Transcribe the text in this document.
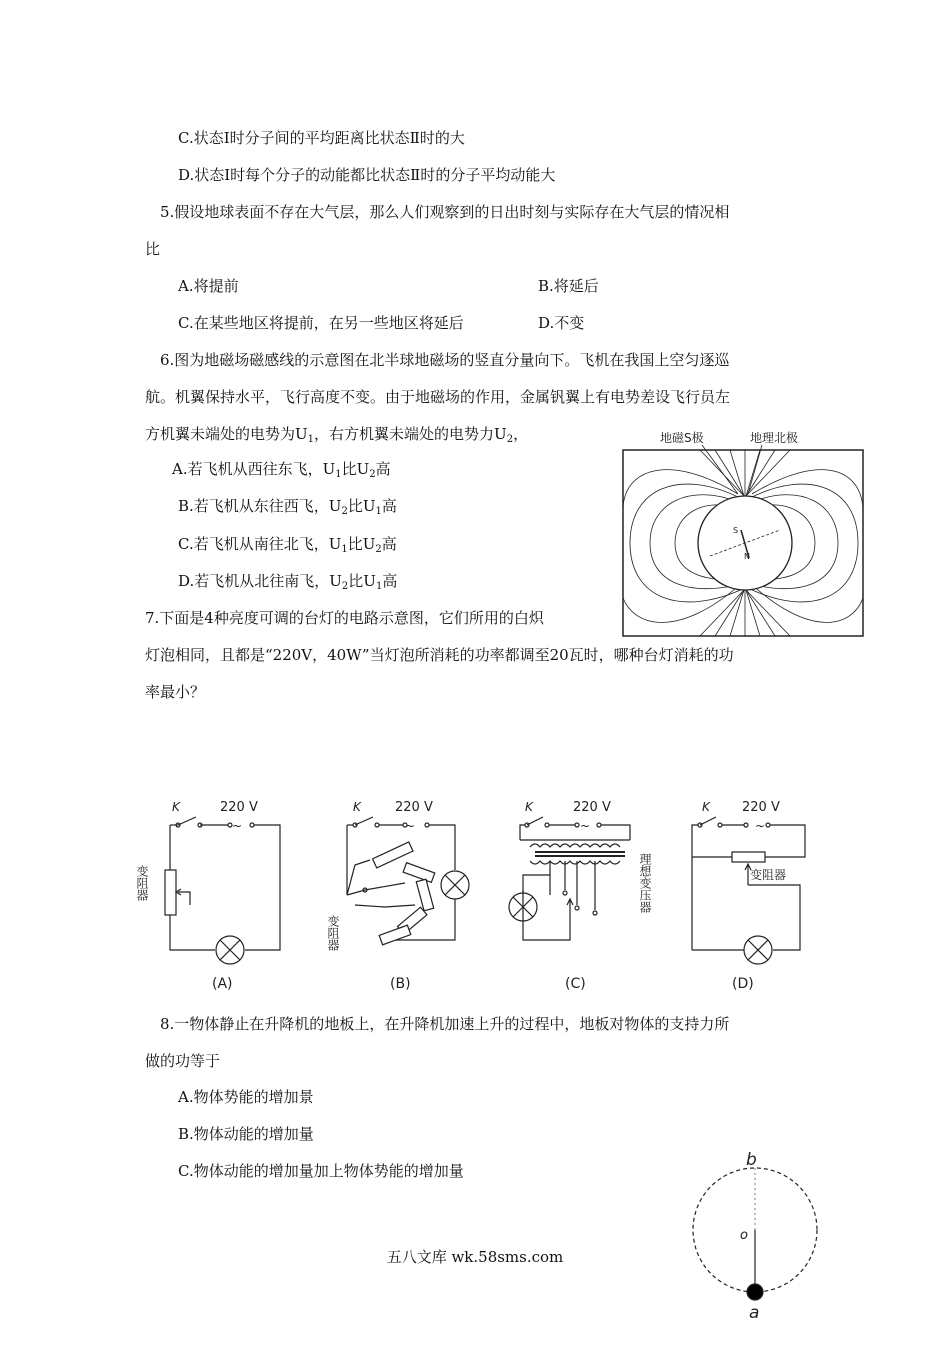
C.状态Ⅰ时分子间的平均距离比状态Ⅱ时的大
D.状态Ⅰ时每个分子的动能都比状态Ⅱ时的分子平均动能大
5.假设地球表面不存在大气层，那么人们观察到的日出时刻与实际存在大气层的情况相
比
A.将提前	B.将延后
C.在某些地区将提前，在另一些地区将延后	D.不变
6.图为地磁场磁感线的示意图在北半球地磁场的竖直分量向下。飞机在我国上空匀逐巡
航。机翼保持水平，飞行高度不变。由于地磁场的作用，金属钒翼上有电势差设飞行员左
方机翼未端处的电势为$U_1$，右方机翼未端处的电势力$U_2$，
A.若飞机从西往东飞，$U_1$比$U_2$高
B.若飞机从东往西飞，$U_2$比$U_1$高
C.若飞机从南往北飞，$U_1$比$U_2$高
D.若飞机从北往南飞，$U_2$比$U_1$高
S
N
地磁S极	地理北极
7.下面是4种亮度可调的台灯的电路示意图，它们所用的白炽
灯泡相同，且都是“220V，40W”当灯泡所消耗的功率都调至20瓦时，哪种台灯消耗的功
率最小？
K	220 V
~
变阻器
(A)
K	220 V
~
变阻器
(B)
K	220 V
~
理想变压器
(C)
K 220 V
~
变阻器
(D)
8.一物体静止在升降机的地板上，在升降机加速上升的过程中，地板对物体的支持力所
做的功等于
A.物体势能的增加景
B.物体动能的增加量
C.物体动能的增加量加上物体势能的增加量
b
o
a
五八文库 wk.58sms.com
